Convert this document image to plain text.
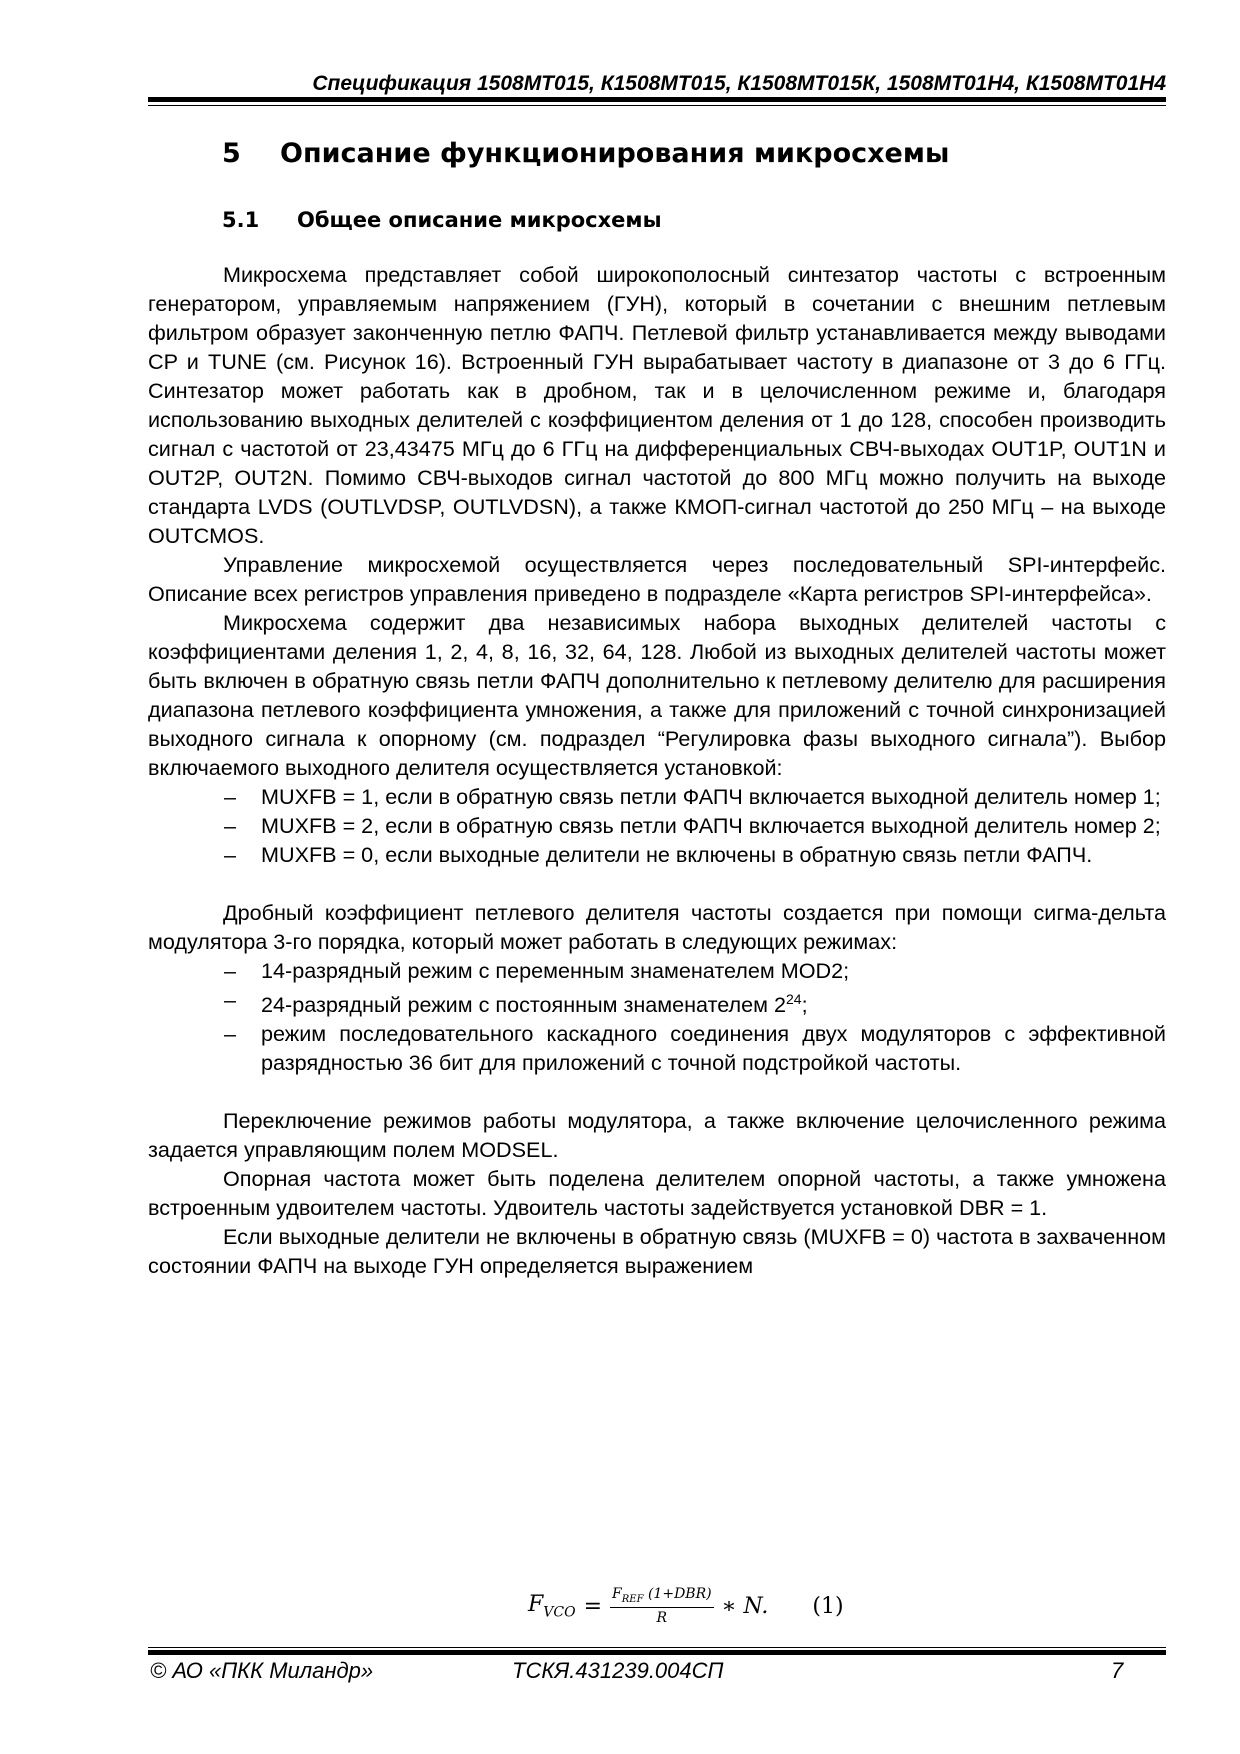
Спецификация 1508МТ015, К1508МТ015, К1508МТ015К, 1508МТ01Н4, К1508МТ01Н4
5	Описание функционирования микросхемы
5.1	Общее описание микросхемы

Микросхема представляет собой широкополосный синтезатор частоты с встроенным генератором, управляемым напряжением (ГУН), который в сочетании с внешним петлевым фильтром образует законченную петлю ФАПЧ. Петлевой фильтр устанавливается между выводами CP и TUNE (см. Рисунок 16). Встроенный ГУН вырабатывает частоту в диапазоне от 3 до 6 ГГц. Синтезатор может работать как в дробном, так и в целочисленном режиме и, благодаря использованию выходных делителей с коэффициентом деления от 1 до 128, способен производить сигнал с частотой от 23,43475 МГц до 6 ГГц на дифференциальных СВЧ-выходах OUT1P, OUT1N и OUT2P, OUT2N. Помимо СВЧ-выходов сигнал частотой до 800 МГц можно получить на выходе стандарта LVDS (OUTLVDSP, OUTLVDSN), а также КМОП-сигнал частотой до 250 МГц – на выходе OUTCMOS.

Управление микросхемой осуществляется через последовательный SPI-интерфейс. Описание всех регистров управления приведено в подразделе «Карта регистров SPI-интерфейса».

Микросхема содержит два независимых набора выходных делителей частоты с коэффициентами деления 1, 2, 4, 8, 16, 32, 64, 128. Любой из выходных делителей частоты может быть включен в обратную связь петли ФАПЧ дополнительно к петлевому делителю для расширения диапазона петлевого коэффициента умножения, а также для приложений с точной синхронизацией выходного сигнала к опорному (см. подраздел “Регулировка фазы выходного сигнала”). Выбор включаемого выходного делителя осуществляется установкой:

– MUXFB = 1, если в обратную связь петли ФАПЧ включается выходной делитель номер 1;
– MUXFB = 2, если в обратную связь петли ФАПЧ включается выходной делитель номер 2;
– MUXFB = 0, если выходные делители не включены в обратную связь петли ФАПЧ.

Дробный коэффициент петлевого делителя частоты создается при помощи сигма-дельта модулятора 3-го порядка, который может работать в следующих режимах:

– 14-разрядный режим с переменным знаменателем MOD2;
– 24-разрядный режим с постоянным знаменателем $2^{24}$;
– режим последовательного каскадного соединения двух модуляторов с эффективной разрядностью 36 бит для приложений с точной подстройкой частоты.

Переключение режимов работы модулятора, а также включение целочисленного режима задается управляющим полем MODSEL.

Опорная частота может быть поделена делителем опорной частоты, а также умножена встроенным удвоителем частоты. Удвоитель частоты задействуется установкой DBR = 1.

Если выходные делители не включены в обратную связь (MUXFB = 0) частота в захваченном состоянии ФАПЧ на выходе ГУН определяется выражением

$F_{VCO} = \frac{F_{REF} (1+DBR)}{R}$ ∗ N. (1)
© АО «ПКК Миландр»	ТСКЯ.431239.004СП	7
